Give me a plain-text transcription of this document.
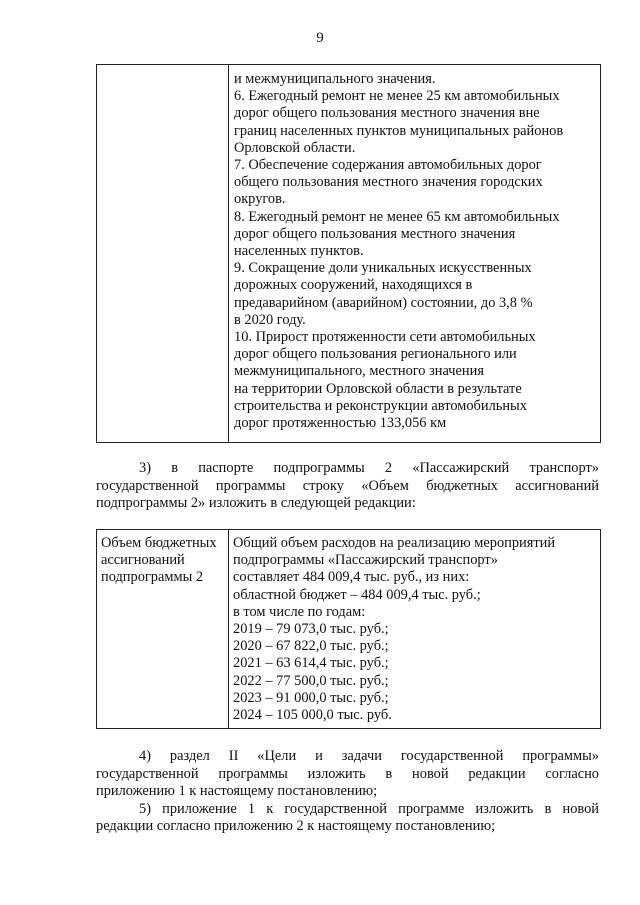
9

и межмуниципального значения.
6. Ежегодный ремонт не менее 25 км автомобильных
дорог общего пользования местного значения вне
границ населенных пунктов муниципальных районов
Орловской области.
7. Обеспечение содержания автомобильных дорог
общего пользования местного значения городских
округов.
8. Ежегодный ремонт не менее 65 км автомобильных
дорог общего пользования местного значения
населенных пунктов.
9. Сокращение доли уникальных искусственных
дорожных сооружений, находящихся в
предаварийном (аварийном) состоянии, до 3,8 %
в 2020 году.
10. Прирост протяженности сети автомобильных
дорог общего пользования регионального или
межмуниципального, местного значения
на территории Орловской области в результате
строительства и реконструкции автомобильных
дорог протяженностью 133,056 км
3) в паспорте подпрограммы 2 «Пассажирский транспорт»
государственной программы строку «Объем бюджетных ассигнований
подпрограммы 2» изложить в следующей редакции:
Объем бюджетных
ассигнований
подпрограммы 2

Общий объем расходов на реализацию мероприятий
подпрограммы «Пассажирский транспорт»
составляет 484 009,4 тыс. руб., из них:
областной бюджет – 484 009,4 тыс. руб.;
в том числе по годам:
2019 – 79 073,0 тыс. руб.;
2020 – 67 822,0 тыс. руб.;
2021 – 63 614,4 тыс. руб.;
2022 – 77 500,0 тыс. руб.;
2023 – 91 000,0 тыс. руб.;
2024 – 105 000,0 тыс. руб.
4) раздел II «Цели и задачи государственной программы»
государственной программы изложить в новой редакции согласно
приложению 1 к настоящему постановлению;
5) приложение 1 к государственной программе изложить в новой
редакции согласно приложению 2 к настоящему постановлению;
